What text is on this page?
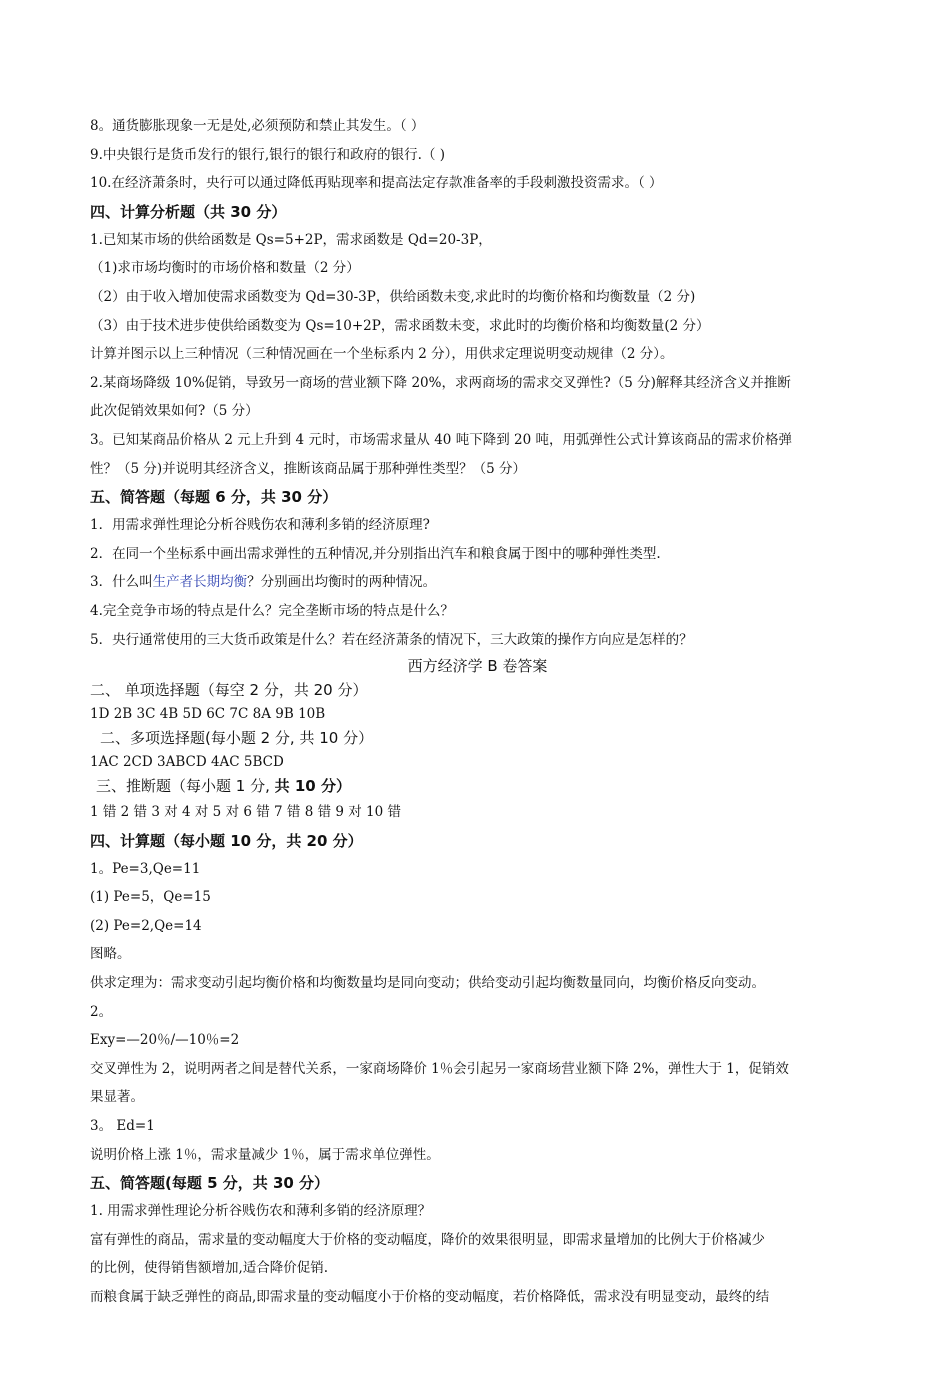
8。通货膨胀现象一无是处,必须预防和禁止其发生。（ ）
9.中央银行是货币发行的银行,银行的银行和政府的银行.（ )
10.在经济萧条时，央行可以通过降低再贴现率和提高法定存款准备率的手段刺激投资需求。（ ）
四、计算分析题（共 30 分）
1.已知某市场的供给函数是 Qs=5+2P，需求函数是 Qd=20-3P，
（1)求市场均衡时的市场价格和数量（2 分）
（2）由于收入增加使需求函数变为 Qd=30-3P，供给函数未变,求此时的均衡价格和均衡数量（2 分)
（3）由于技术进步使供给函数变为 Qs=10+2P，需求函数未变，求此时的均衡价格和均衡数量(2 分）
计算并图示以上三种情况（三种情况画在一个坐标系内 2 分），用供求定理说明变动规律（2 分）。
2.某商场降级 10%促销，导致另一商场的营业额下降 20%，求两商场的需求交叉弹性?（5 分)解释其经济含义并推断
此次促销效果如何?（5 分）
3。已知某商品价格从 2 元上升到 4 元时，市场需求量从 40 吨下降到 20 吨，用弧弹性公式计算该商品的需求价格弹
性？（5 分)并说明其经济含义，推断该商品属于那种弹性类型？（5 分）
五、简答题（每题 6 分，共 30 分）
1．用需求弹性理论分析谷贱伤农和薄利多销的经济原理?
2．在同一个坐标系中画出需求弹性的五种情况,并分别指出汽车和粮食属于图中的哪种弹性类型.
3．什么叫生产者长期均衡？分别画出均衡时的两种情况。
4.完全竞争市场的特点是什么？完全垄断市场的特点是什么？
5．央行通常使用的三大货币政策是什么？若在经济萧条的情况下，三大政策的操作方向应是怎样的？
西方经济学 B 卷答案
二、 单项选择题（每空 2 分，共 20 分）
1D 2B 3C 4B 5D 6C 7C 8A 9B 10B
二、多项选择题(每小题 2 分, 共 10 分）
1AC 2CD 3ABCD 4AC 5BCD
三、推断题（每小题 1 分, 共 10 分）
1 错 2 错 3 对 4 对 5 对 6 错 7 错 8 错 9 对 10 错
四、计算题（每小题 10 分，共 20 分）
1。Pe=3,Qe=11
(1) Pe=5，Qe=15
(2) Pe=2,Qe=14
图略。
供求定理为：需求变动引起均衡价格和均衡数量均是同向变动；供给变动引起均衡数量同向，均衡价格反向变动。
2。
Exy=—20％/—10％=2
交叉弹性为 2，说明两者之间是替代关系，一家商场降价 1％会引起另一家商场营业额下降 2%，弹性大于 1，促销效
果显著。
3。 Ed=1
说明价格上涨 1％，需求量减少 1％，属于需求单位弹性。
五、简答题(每题 5 分，共 30 分）
1. 用需求弹性理论分析谷贱伤农和薄利多销的经济原理？
富有弹性的商品，需求量的变动幅度大于价格的变动幅度，降价的效果很明显，即需求量增加的比例大于价格减少
的比例，使得销售额增加,适合降价促销.
而粮食属于缺乏弹性的商品,即需求量的变动幅度小于价格的变动幅度，若价格降低，需求没有明显变动，最终的结
